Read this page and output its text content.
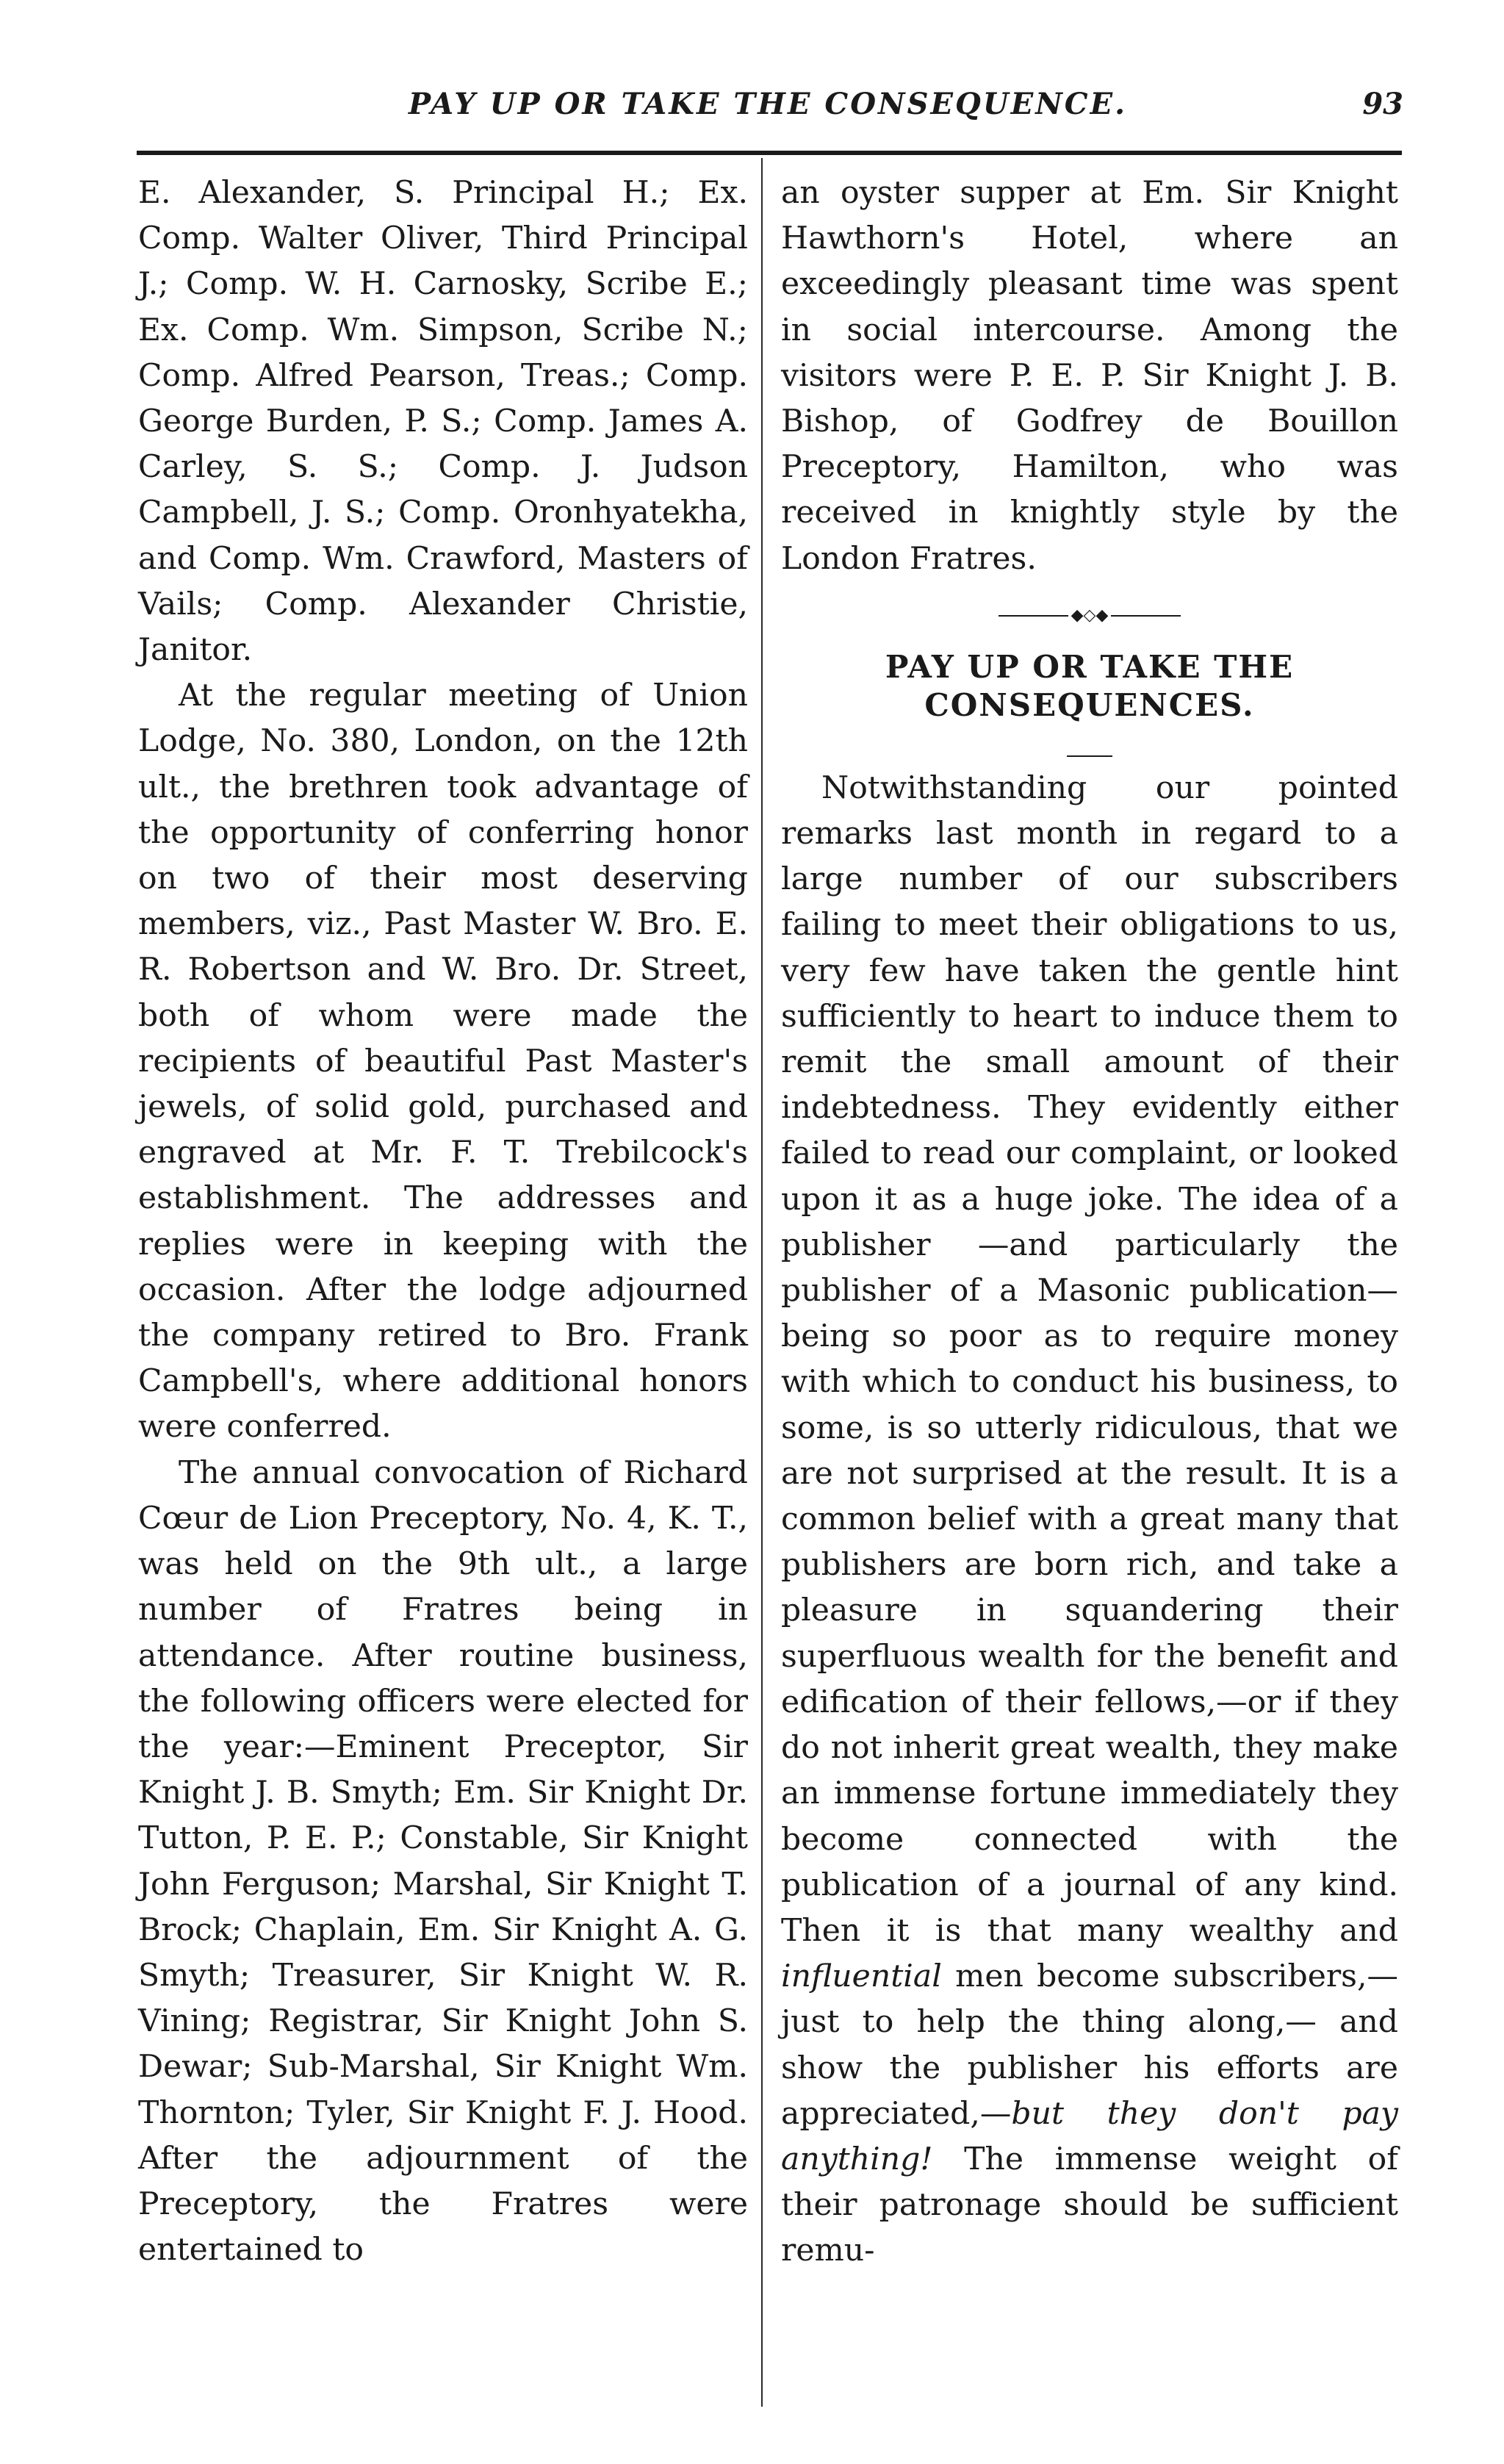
PAY UP OR TAKE THE CONSEQUENCE.	93

E. Alexander, S. Principal H.; Ex. Comp. Walter Oliver, Third Principal J.; Comp. W. H. Carnosky, Scribe E.; Ex. Comp. Wm. Simpson, Scribe N.; Comp. Alfred Pearson, Treas.; Comp. George Burden, P. S.; Comp. James A. Carley, S. S.; Comp. J. Judson Campbell, J. S.; Comp. Oronhyatekha, and Comp. Wm. Crawford, Masters of Vails; Comp. Alexander Christie, Janitor.

At the regular meeting of Union Lodge, No. 380, London, on the 12th ult., the brethren took advantage of the opportunity of conferring honor on two of their most deserving members, viz., Past Master W. Bro. E. R. Robertson and W. Bro. Dr. Street, both of whom were made the recipients of beautiful Past Master's jewels, of solid gold, purchased and engraved at Mr. F. T. Trebilcock's establishment. The addresses and replies were in keeping with the occasion. After the lodge adjourned the company retired to Bro. Frank Campbell's, where additional honors were conferred.

The annual convocation of Richard Cœur de Lion Preceptory, No. 4, K. T., was held on the 9th ult., a large number of Fratres being in attendance. After routine business, the following officers were elected for the year:—Eminent Preceptor, Sir Knight J. B. Smyth; Em. Sir Knight Dr. Tutton, P. E. P.; Constable, Sir Knight John Ferguson; Marshal, Sir Knight T. Brock; Chaplain, Em. Sir Knight A. G. Smyth; Treasurer, Sir Knight W. R. Vining; Registrar, Sir Knight John S. Dewar; Sub-Marshal, Sir Knight Wm. Thornton; Tyler, Sir Knight F. J. Hood. After the adjournment of the Preceptory, the Fratres were entertained to

an oyster supper at Em. Sir Knight Hawthorn's Hotel, where an exceedingly pleasant time was spent in social intercourse. Among the visitors were P. E. P. Sir Knight J. B. Bishop, of Godfrey de Bouillon Preceptory, Hamilton, who was received in knightly style by the London Fratres.

◆◇◆
PAY UP OR TAKE THE CONSEQUENCES.

Notwithstanding our pointed remarks last month in regard to a large number of our subscribers failing to meet their obligations to us, very few have taken the gentle hint sufficiently to heart to induce them to remit the small amount of their indebtedness. They evidently either failed to read our complaint, or looked upon it as a huge joke. The idea of a publisher —and particularly the publisher of a Masonic publication—being so poor as to require money with which to conduct his business, to some, is so utterly ridiculous, that we are not surprised at the result. It is a common belief with a great many that publishers are born rich, and take a pleasure in squandering their superfluous wealth for the benefit and edification of their fellows,—or if they do not inherit great wealth, they make an immense fortune immediately they become connected with the publication of a journal of any kind. Then it is that many wealthy and influential men become subscribers,—just to help the thing along,— and show the publisher his efforts are appreciated,—but they don't pay anything! The immense weight of their patronage should be sufficient remu-
